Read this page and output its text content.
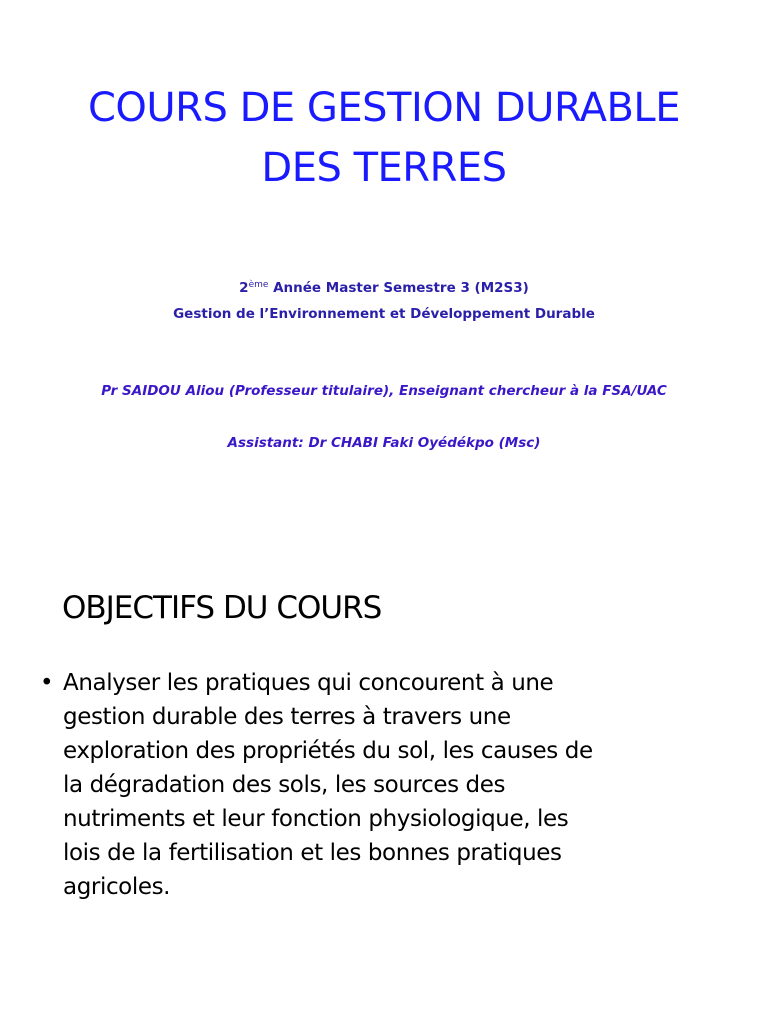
COURS DE GESTION DURABLE
DES TERRES

2ème Année Master Semestre 3 (M2S3)

Gestion de l’Environnement et Développement Durable

Pr SAIDOU Aliou (Professeur titulaire), Enseignant chercheur à la FSA/UAC

Assistant: Dr CHABI Faki Oyédékpo (Msc)

OBJECTIFS DU COURS
• Analyser les pratiques qui concourent à une
gestion durable des terres à travers une
exploration des propriétés du sol, les causes de
la dégradation des sols, les sources des
nutriments et leur fonction physiologique, les
lois de la fertilisation et les bonnes pratiques
agricoles.
